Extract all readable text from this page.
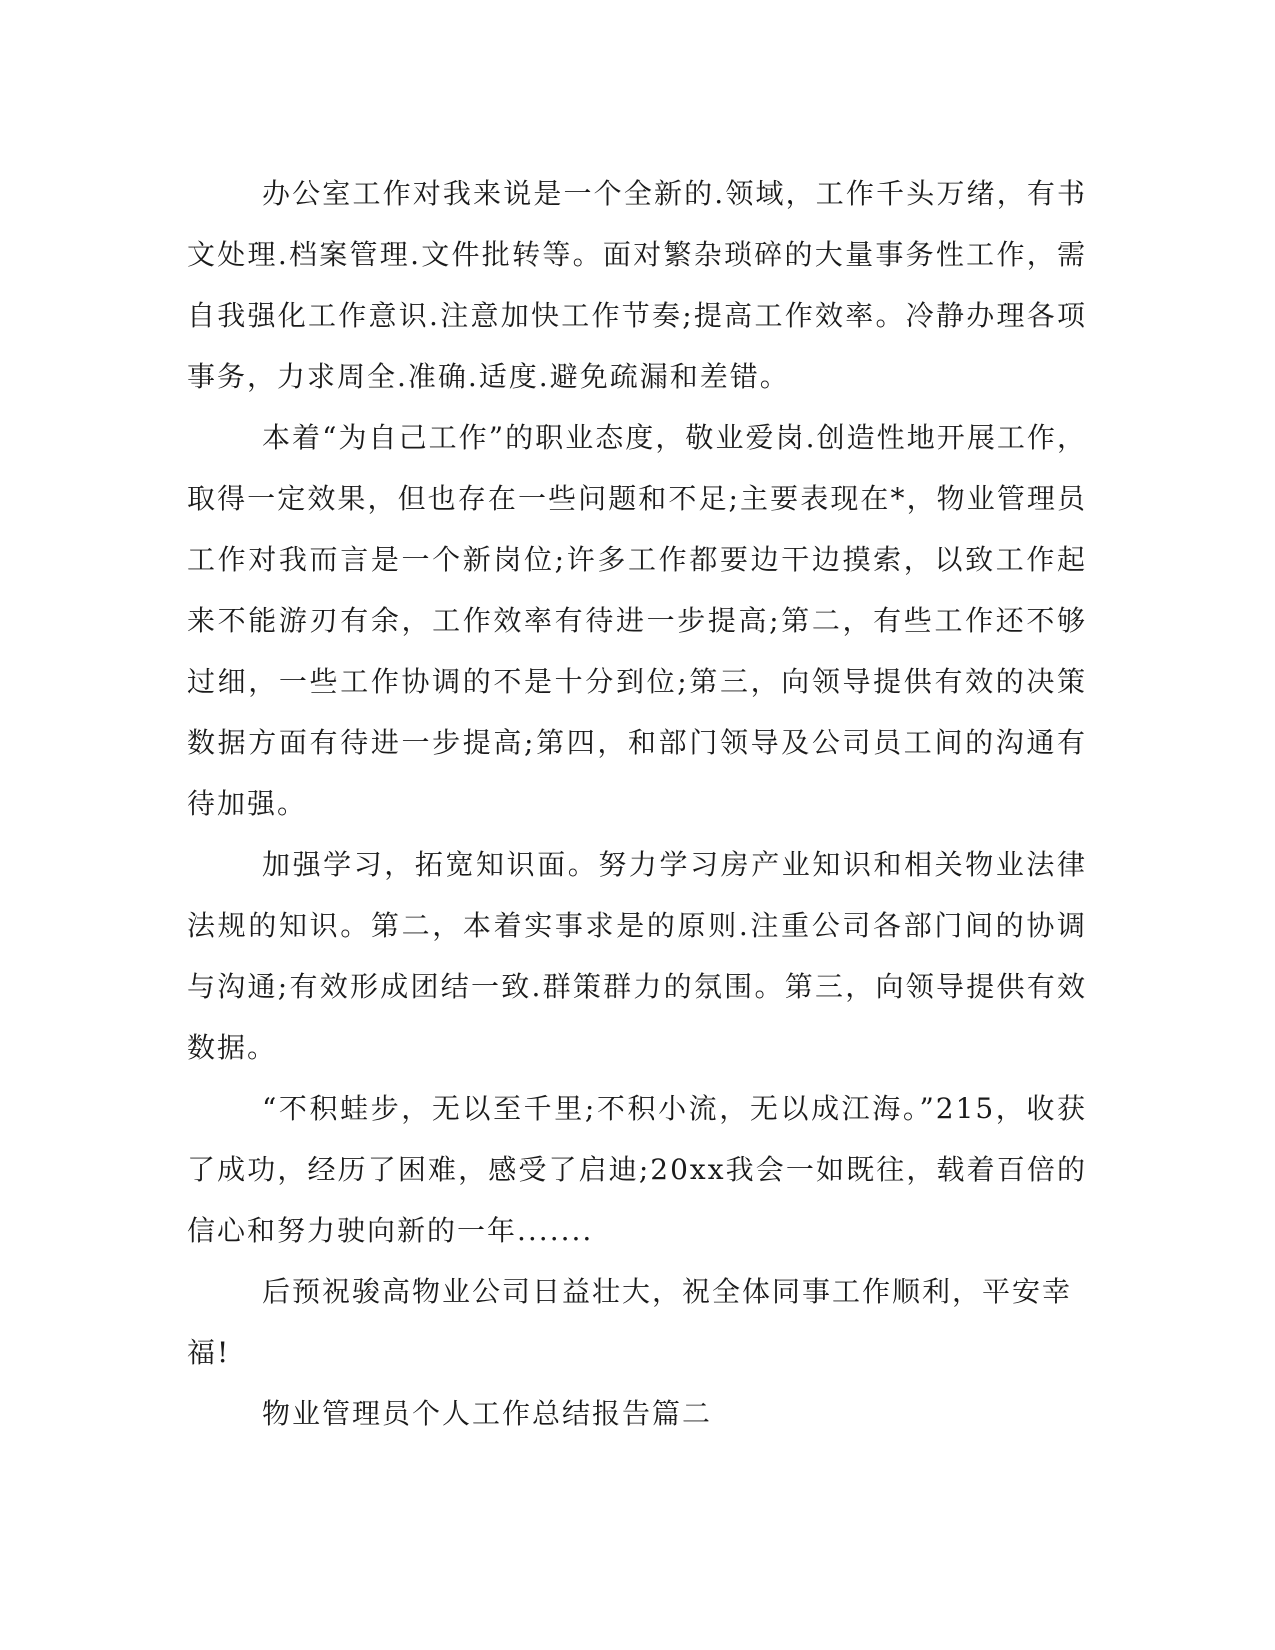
办公室工作对我来说是一个全新的.领域，工作千头万绪，有书文处理.档案管理.文件批转等。面对繁杂琐碎的大量事务性工作，需自我强化工作意识.注意加快工作节奏;提高工作效率。冷静办理各项事务，力求周全.准确.适度.避免疏漏和差错。

本着“为自己工作”的职业态度，敬业爱岗.创造性地开展工作，取得一定效果，但也存在一些问题和不足;主要表现在*，物业管理员工作对我而言是一个新岗位;许多工作都要边干边摸索，以致工作起来不能游刃有余，工作效率有待进一步提高;第二，有些工作还不够过细，一些工作协调的不是十分到位;第三，向领导提供有效的决策数据方面有待进一步提高;第四，和部门领导及公司员工间的沟通有待加强。

加强学习，拓宽知识面。努力学习房产业知识和相关物业法律法规的知识。第二，本着实事求是的原则.注重公司各部门间的协调与沟通;有效形成团结一致.群策群力的氛围。第三，向领导提供有效数据。

“不积蛙步，无以至千里;不积小流，无以成江海。”215，收获了成功，经历了困难，感受了启迪;20xx我会一如既往，载着百倍的信心和努力驶向新的一年.......

后预祝骏高物业公司日益壮大，祝全体同事工作顺利，平安幸福!

物业管理员个人工作总结报告篇二
